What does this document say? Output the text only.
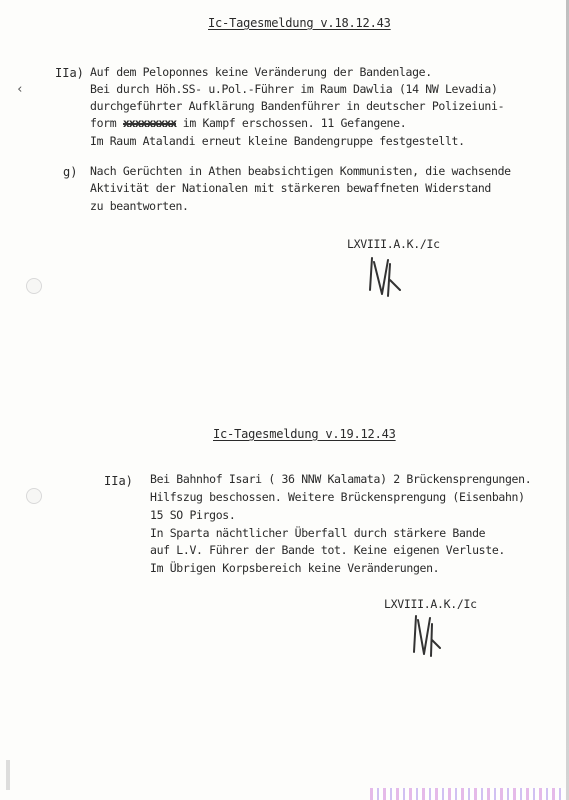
Ic-Tagesmeldung v.18.12.43
IIa) Auf dem Peloponnes keine Veränderung der Bandenlage.
Bei durch Höh.SS- u.Pol.-Führer im Raum Dawlia (14 NW Levadia)
durchgeführter Aufklärung Bandenführer in deutscher Polizeiuni-
form xxxxxxxxx im Kampf erschossen. 11 Gefangene.
Im Raum Atalandi erneut kleine Bandengruppe festgestellt.
g) Nach Gerüchten in Athen beabsichtigen Kommunisten, die wachsende
Aktivität der Nationalen mit stärkeren bewaffneten Widerstand
zu beantworten.
LXVIII.A.K./Ic
Ic-Tagesmeldung v.19.12.43
IIa) Bei Bahnhof Isari ( 36 NNW Kalamata) 2 Brückensprengungen.
Hilfszug beschossen. Weitere Brückensprengung (Eisenbahn)
15 SO Pirgos.
In Sparta nächtlicher Überfall durch stärkere Bande
auf L.V. Führer der Bande tot. Keine eigenen Verluste.
Im Übrigen Korpsbereich keine Veränderungen.
LXVIII.A.K./Ic
‹
